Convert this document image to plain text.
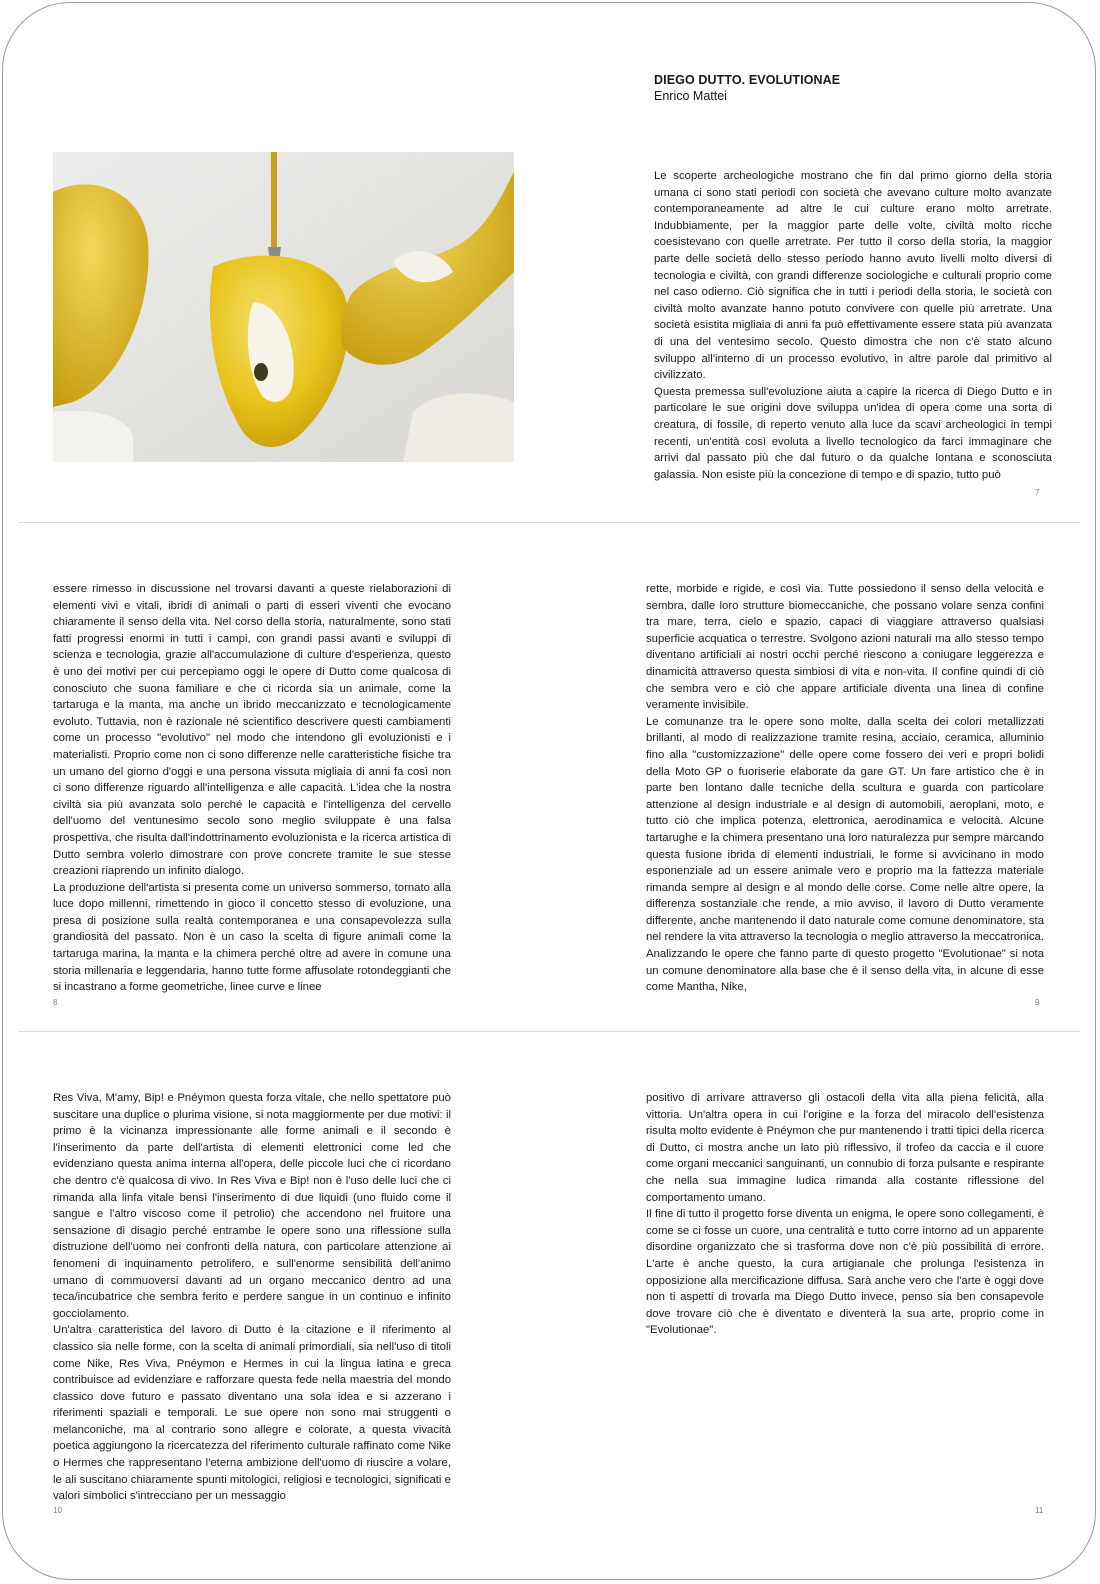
DIEGO DUTTO. EVOLUTIONAE
Enrico Mattei

Le scoperte archeologiche mostrano che fin dal primo giorno della storia umana ci sono stati periodi con società che avevano culture molto avanzate contemporaneamente ad altre le cui culture erano molto arretrate. Indubbiamente, per la maggior parte delle volte, civiltà molto ricche coesistevano con quelle arretrate. Per tutto il corso della storia, la maggior parte delle società dello stesso periodo hanno avuto livelli molto diversi di tecnologia e civiltà, con grandi differenze sociologiche e culturali proprio come nel caso odierno. Ciò significa che in tutti i periodi della storia, le società con civiltà molto avanzate hanno potuto convivere con quelle più arretrate. Una società esistita migliaia di anni fa può effettivamente essere stata più avanzata di una del ventesimo secolo. Questo dimostra che non c'è stato alcuno sviluppo all'interno di un processo evolutivo, in altre parole dal primitivo al civilizzato.

Questa premessa sull'evoluzione aiuta a capire la ricerca di Diego Dutto e in particolare le sue origini dove sviluppa un'idea di opera come una sorta di creatura, di fossile, di reperto venuto alla luce da scavi archeologici in tempi recenti, un'entità così evoluta a livello tecnologico da farci immaginare che arrivi dal passato più che dal futuro o da qualche lontana e sconosciuta galassia. Non esiste più la concezione di tempo e di spazio, tutto può

7

essere rimesso in discussione nel trovarsi davanti a queste rielaborazioni di elementi vivi e vitali, ibridi di animali o parti di esseri viventi che evocano chiaramente il senso della vita. Nel corso della storia, naturalmente, sono stati fatti progressi enormi in tutti i campi, con grandi passi avanti e sviluppi di scienza e tecnologia, grazie all'accumulazione di culture d'esperienza, questo è uno dei motivi per cui percepiamo oggi le opere di Dutto come qualcosa di conosciuto che suona familiare e che ci ricorda sia un animale, come la tartaruga e la manta, ma anche un ibrido meccanizzato e tecnologicamente evoluto. Tuttavia, non è razionale né scientifico descrivere questi cambiamenti come un processo "evolutivo" nel modo che intendono gli evoluzionisti e i materialisti. Proprio come non ci sono differenze nelle caratteristiche fisiche tra un umano del giorno d'oggi e una persona vissuta migliaia di anni fa così non ci sono differenze riguardo all'intelligenza e alle capacità. L'idea che la nostra civiltà sia più avanzata solo perché le capacità e l'intelligenza del cervello dell'uomo del ventunesimo secolo sono meglio sviluppate è una falsa prospettiva, che risulta dall'indottrinamento evoluzionista e la ricerca artistica di Dutto sembra volerlo dimostrare con prove concrete tramite le sue stesse creazioni riaprendo un infinito dialogo.

La produzione dell'artista si presenta come un universo sommerso, tornato alla luce dopo millenni, rimettendo in gioco il concetto stesso di evoluzione, una presa di posizione sulla realtà contemporanea e una consapevolezza sulla grandiosità del passato. Non è un caso la scelta di figure animali come la tartaruga marina, la manta e la chimera perché oltre ad avere in comune una storia millenaria e leggendaria, hanno tutte forme affusolate rotondeggianti che si incastrano a forme geometriche, linee curve e linee

8

rette, morbide e rigide, e così via. Tutte possiedono il senso della velocità e sembra, dalle loro strutture biomeccaniche, che possano volare senza confini tra mare, terra, cielo e spazio, capaci di viaggiare attraverso qualsiasi superficie acquatica o terrestre. Svolgono azioni naturali ma allo stesso tempo diventano artificiali ai nostri occhi perché riescono a coniugare leggerezza e dinamicità attraverso questa simbiosi di vita e non-vita. Il confine quindi di ciò che sembra vero e ciò che appare artificiale diventa una linea di confine veramente invisibile.

Le comunanze tra le opere sono molte, dalla scelta dei colori metallizzati brillanti, al modo di realizzazione tramite resina, acciaio, ceramica, alluminio fino alla "customizzazione" delle opere come fossero dei veri e propri bolidi della Moto GP o fuoriserie elaborate da gare GT. Un fare artistico che è in parte ben lontano dalle tecniche della scultura e guarda con particolare attenzione al design industriale e al design di automobili, aeroplani, moto, e tutto ciò che implica potenza, elettronica, aerodinamica e velocità. Alcune tartarughe e la chimera presentano una loro naturalezza pur sempre marcando questa fusione ibrida di elementi industriali, le forme si avvicinano in modo esponenziale ad un essere animale vero e proprio ma la fattezza materiale rimanda sempre al design e al mondo delle corse. Come nelle altre opere, la differenza sostanziale che rende, a mio avviso, il lavoro di Dutto veramente differente, anche mantenendo il dato naturale come comune denominatore, sta nel rendere la vita attraverso la tecnologia o meglio attraverso la meccatronica. Analizzando le opere che fanno parte di questo progetto "Evolutionae" si nota un comune denominatore alla base che è il senso della vita, in alcune di esse come Mantha, Nike,

9

Res Viva, M'amy, Bip! e Pnéymon questa forza vitale, che nello spettatore può suscitare una duplice o plurima visione, si nota maggiormente per due motivi: il primo è la vicinanza impressionante alle forme animali e il secondo è l'inserimento da parte dell'artista di elementi elettronici come led che evidenziano questa anima interna all'opera, delle piccole luci che ci ricordano che dentro c'è qualcosa di vivo. In Res Viva e Bip! non è l'uso delle luci che ci rimanda alla linfa vitale bensì l'inserimento di due liquidi (uno fluido come il sangue e l'altro viscoso come il petrolio) che accendono nel fruitore una sensazione di disagio perché entrambe le opere sono una riflessione sulla distruzione dell'uomo nei confronti della natura, con particolare attenzione ai fenomeni di inquinamento petrolifero, e sull'enorme sensibilità dell'animo umano di commuoversi davanti ad un organo meccanico dentro ad una teca/incubatrice che sembra ferito e perdere sangue in un continuo e infinito gocciolamento.

Un'altra caratteristica del lavoro di Dutto è la citazione e il riferimento al classico sia nelle forme, con la scelta di animali primordiali, sia nell'uso di titoli come Nike, Res Viva, Pnéymon e Hermes in cui la lingua latina e greca contribuisce ad evidenziare e rafforzare questa fede nella maestria del mondo classico dove futuro e passato diventano una sola idea e si azzerano i riferimenti spaziali e temporali. Le sue opere non sono mai struggenti o melanconiche, ma al contrario sono allegre e colorate, a questa vivacità poetica aggiungono la ricercatezza del riferimento culturale raffinato come Nike o Hermes che rappresentano l'eterna ambizione dell'uomo di riuscire a volare, le ali suscitano chiaramente spunti mitologici, religiosi e tecnologici, significati e valori simbolici s'intrecciano per un messaggio

10

positivo di arrivare attraverso gli ostacoli della vita alla piena felicità, alla vittoria. Un'altra opera in cui l'origine e la forza del miracolo dell'esistenza risulta molto evidente è Pnéymon che pur mantenendo i tratti tipici della ricerca di Dutto, ci mostra anche un lato più riflessivo, il trofeo da caccia e il cuore come organi meccanici sanguinanti, un connubio di forza pulsante e respirante che nella sua immagine ludica rimanda alla costante riflessione del comportamento umano.

Il fine di tutto il progetto forse diventa un enigma, le opere sono collegamenti, è come se ci fosse un cuore, una centralità e tutto corre intorno ad un apparente disordine organizzato che si trasforma dove non c'è più possibilità di errore. L'arte è anche questo, la cura artigianale che prolunga l'esistenza in opposizione alla mercificazione diffusa. Sarà anche vero che l'arte è oggi dove non ti aspetti di trovarla ma Diego Dutto invece, penso sia ben consapevole dove trovare ciò che è diventato e diventerà la sua arte, proprio come in "Evolutionae".

11
